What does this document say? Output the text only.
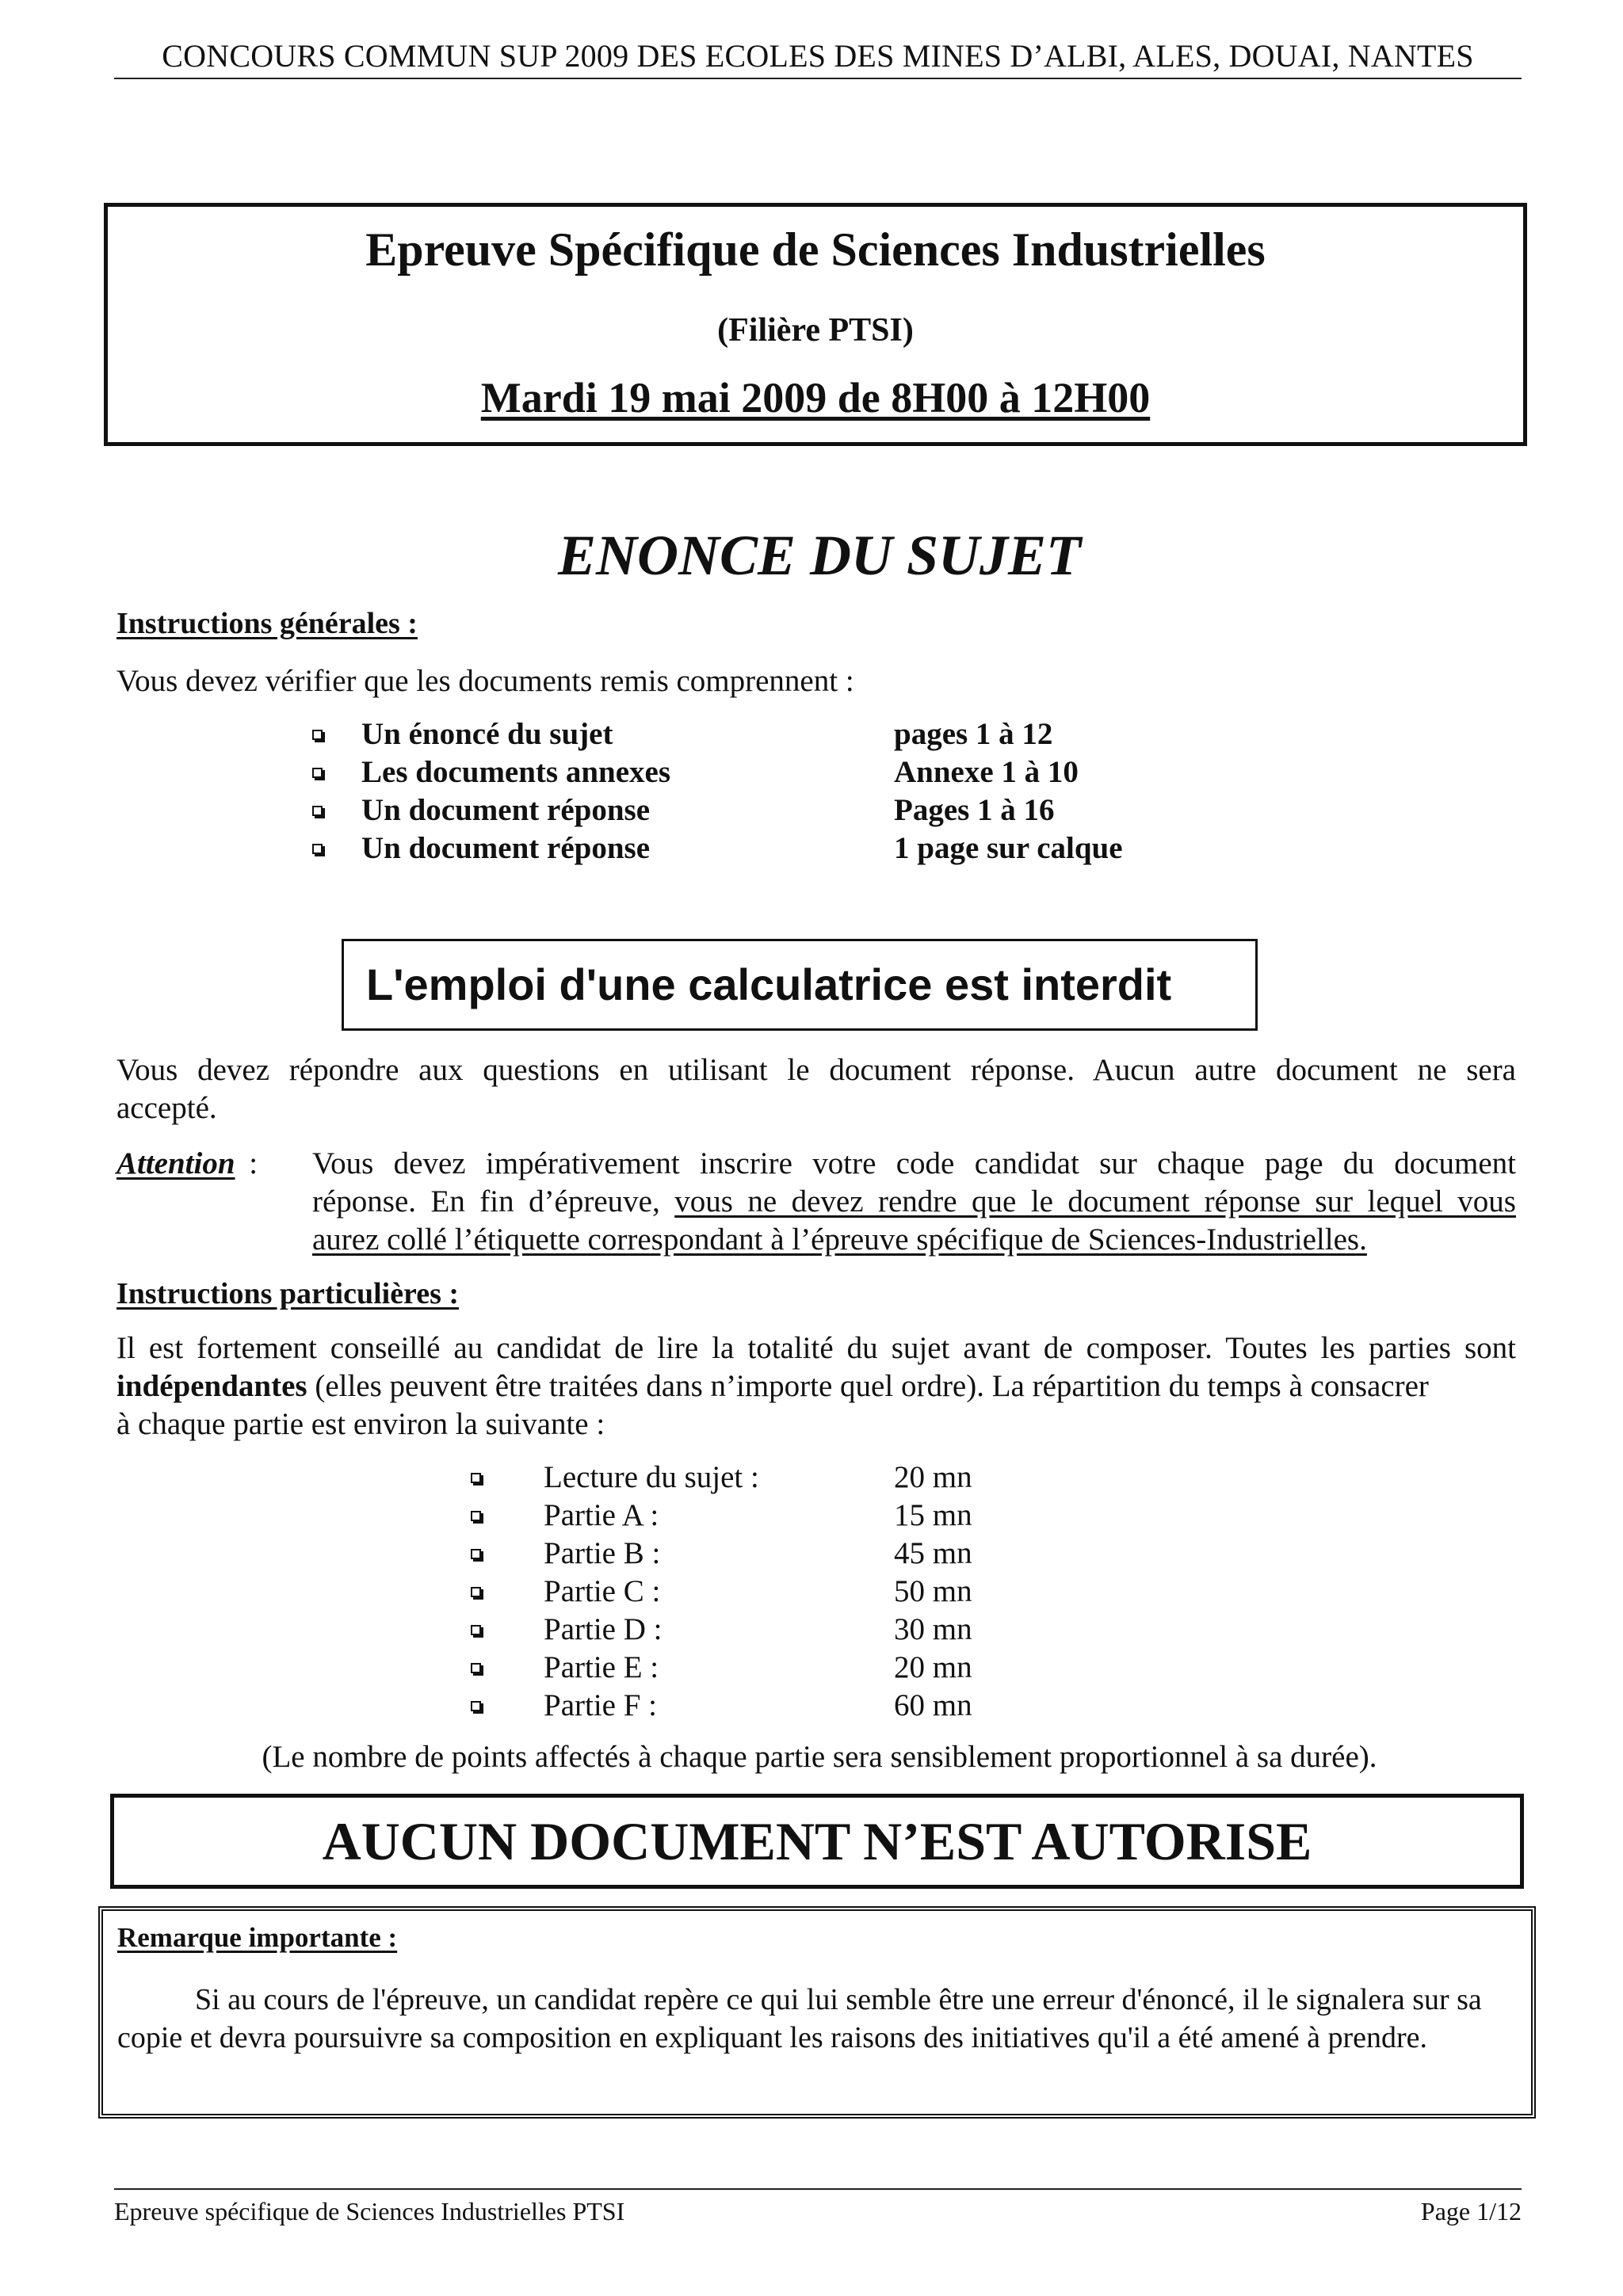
CONCOURS COMMUN SUP 2009 DES ECOLES DES MINES D’ALBI, ALES, DOUAI, NANTES
Epreuve Spécifique de Sciences Industrielles
(Filière PTSI)
Mardi 19 mai 2009 de 8H00 à 12H00
ENONCE DU SUJET
Instructions générales :
Vous devez vérifier que les documents remis comprennent :
Un énoncé du sujet	pages 1 à 12
Les documents annexes	Annexe 1 à 10
Un document réponse	Pages 1 à 16
Un document réponse	1 page sur calque
L'emploi d'une calculatrice est interdit
Vous devez répondre aux questions en utilisant le document réponse. Aucun autre document ne sera
accepté.
Attention : Vous devez impérativement inscrire votre code candidat sur chaque page du document
réponse. En fin d’épreuve, vous ne devez rendre que le document réponse sur lequel vous
aurez collé l’étiquette correspondant à l’épreuve spécifique de Sciences-Industrielles.
Instructions particulières :
Il est fortement conseillé au candidat de lire la totalité du sujet avant de composer. Toutes les parties sont
indépendantes (elles peuvent être traitées dans n’importe quel ordre). La répartition du temps à consacrer
à chaque partie est environ la suivante :
Lecture du sujet :	20 mn
Partie A :	15 mn
Partie B :	45 mn
Partie C :	50 mn
Partie D :	30 mn
Partie E :	20 mn
Partie F :	60 mn
(Le nombre de points affectés à chaque partie sera sensiblement proportionnel à sa durée).
AUCUN DOCUMENT N’EST AUTORISE
Remarque importante :
Si au cours de l'épreuve, un candidat repère ce qui lui semble être une erreur d'énoncé, il le signalera sur sa
copie et devra poursuivre sa composition en expliquant les raisons des initiatives qu'il a été amené à prendre.
Epreuve spécifique de Sciences Industrielles PTSI	Page 1/12
